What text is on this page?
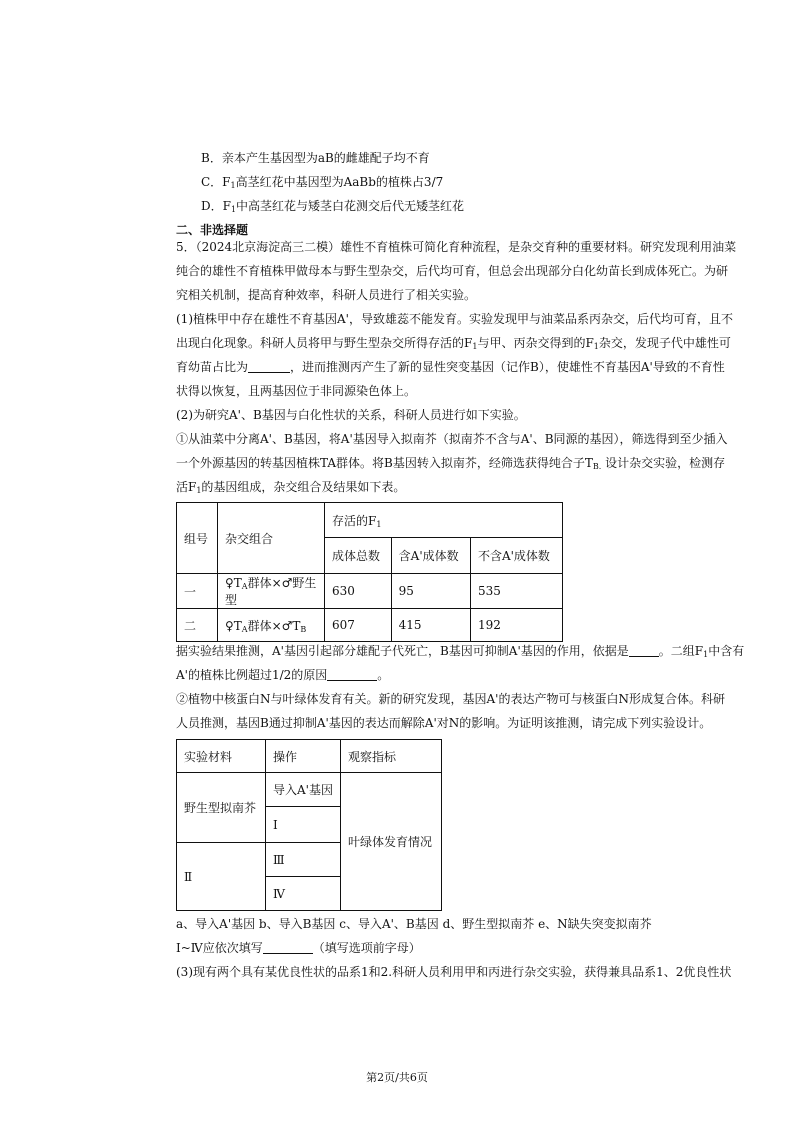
B．亲本产生基因型为aB的雌雄配子均不育
C．$F_1$高茎红花中基因型为AaBb的植株占3/7
D．$F_1$中高茎红花与矮茎白花测交后代无矮茎红花
二、非选择题
5．（2024北京海淀高三二模）雄性不育植株可简化育种流程，是杂交育种的重要材料。研究发现利用油菜
纯合的雄性不育植株甲做母本与野生型杂交，后代均可育，但总会出现部分白化幼苗长到成体死亡。为研
究相关机制，提高育种效率，科研人员进行了相关实验。
(1)植株甲中存在雄性不育基因A'，导致雄蕊不能发育。实验发现甲与油菜品系丙杂交，后代均可育，且不
出现白化现象。科研人员将甲与野生型杂交所得存活的$F_1$与甲、丙杂交得到的$F_1$杂交，发现子代中雄性可
育幼苗占比为	，进而推测丙产生了新的显性突变基因（记作B），使雄性不育基因A'导致的不育性
状得以恢复，且两基因位于非同源染色体上。
(2)为研究A'、B基因与白化性状的关系，科研人员进行如下实验。
①从油菜中分离A'、B基因，将A'基因导入拟南芥（拟南芥不含与A'、B同源的基因），筛选得到至少插入
一个外源基因的转基因植株TA群体。将B基因转入拟南芥，经筛选获得纯合子$T_{B.}$ 设计杂交实验，检测存
活$F_1$的基因组成，杂交组合及结果如下表。
组号	杂交组合	存活的$F_1$
		成体总数	含A'成体数	不含A'成体数
一	$♀T_A$群体×♂野生型	630	95	535
二	$♀T_A$群体$\times♂T_B$	607	415	192
据实验结果推测，A'基因引起部分雄配子代死亡，B基因可抑制A'基因的作用，依据是	。二组$F_1$中含有
A'的植株比例超过1/2的原因	。
②植物中核蛋白N与叶绿体发育有关。新的研究发现，基因A'的表达产物可与核蛋白N形成复合体。科研
人员推测，基因B通过抑制A'基因的表达而解除A'对N的影响。为证明该推测，请完成下列实验设计。
实验材料	操作	观察指标
野生型拟南芥	导入A'基因	叶绿体发育情况
	Ⅰ	
Ⅱ	Ⅲ	
	Ⅳ	
a、导入A'基因 b、导入B基因 c、导入A'、B基因 d、野生型拟南芥 e、N缺失突变拟南芥
Ⅰ~Ⅳ应依次填写	（填写选项前字母）
(3)现有两个具有某优良性状的品系1和2.科研人员利用甲和丙进行杂交实验，获得兼具品系1、2优良性状
第2页/共6页
